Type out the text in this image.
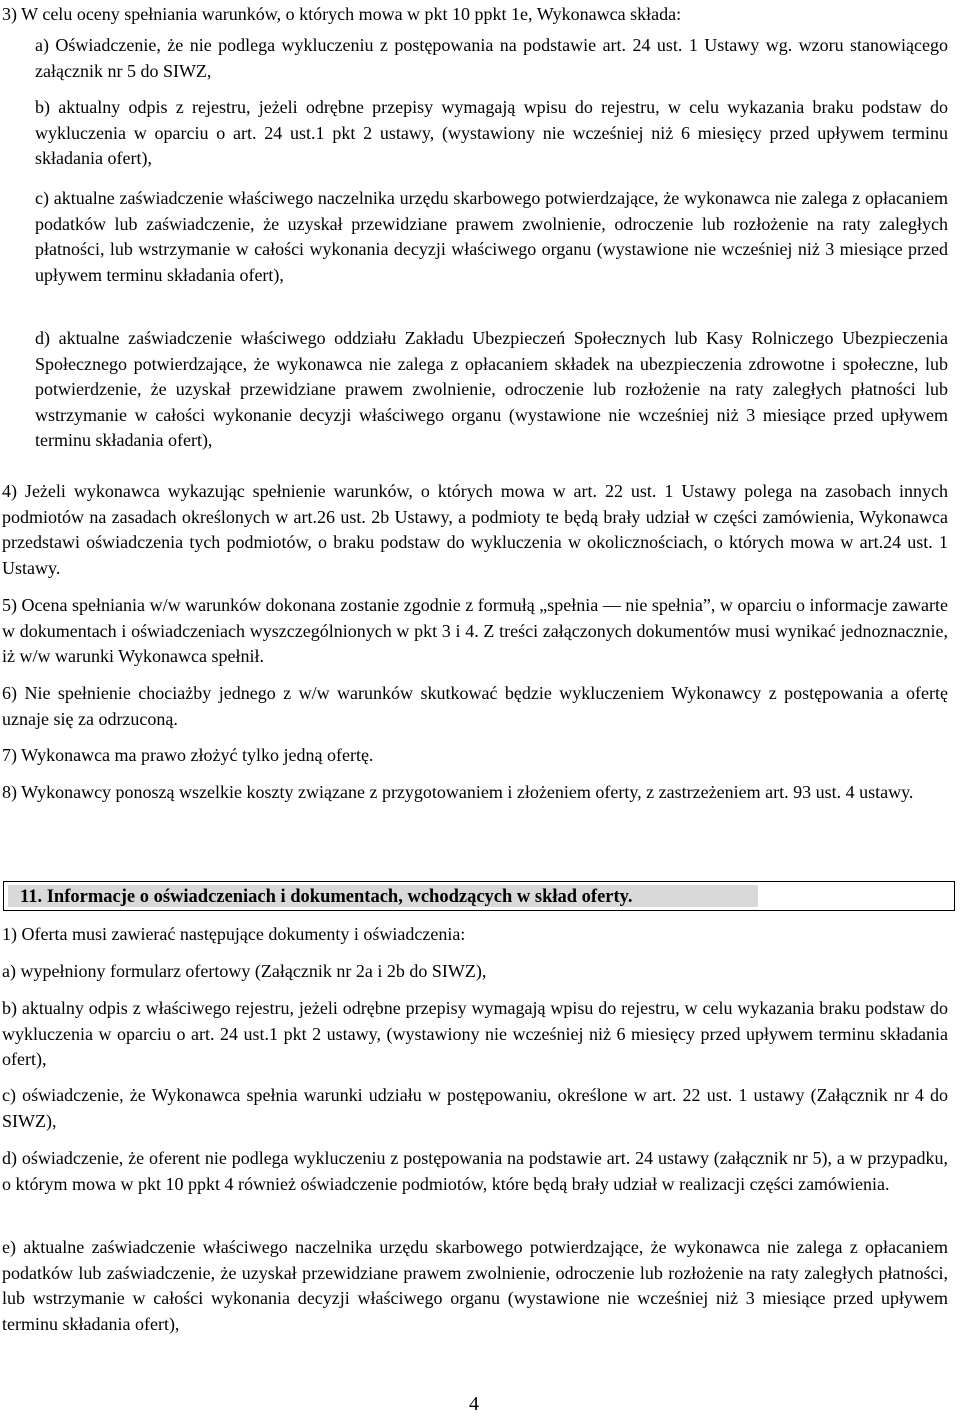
3) W celu oceny spełniania warunków, o których mowa w pkt 10 ppkt 1e, Wykonawca składa:

a) Oświadczenie, że nie podlega wykluczeniu z postępowania na podstawie art. 24 ust. 1 Ustawy wg. wzoru stanowiącego załącznik nr 5 do SIWZ,

b) aktualny odpis z rejestru, jeżeli odrębne przepisy wymagają wpisu do rejestru, w celu wykazania braku podstaw do wykluczenia w oparciu o art. 24 ust.1 pkt 2 ustawy, (wystawiony nie wcześniej niż 6 miesięcy przed upływem terminu składania ofert),

c) aktualne zaświadczenie właściwego naczelnika urzędu skarbowego potwierdzające, że wykonawca nie zalega z opłacaniem podatków lub zaświadczenie, że uzyskał przewidziane prawem zwolnienie, odroczenie lub rozłożenie na raty zaległych płatności, lub wstrzymanie w całości wykonania decyzji właściwego organu (wystawione nie wcześniej niż 3 miesiące przed upływem terminu składania ofert),

d) aktualne zaświadczenie właściwego oddziału Zakładu Ubezpieczeń Społecznych lub Kasy Rolniczego Ubezpieczenia Społecznego potwierdzające, że wykonawca nie zalega z opłacaniem składek na ubezpieczenia zdrowotne i społeczne, lub potwierdzenie, że uzyskał przewidziane prawem zwolnienie, odroczenie lub rozłożenie na raty zaległych płatności lub wstrzymanie w całości wykonanie decyzji właściwego organu (wystawione nie wcześniej niż 3 miesiące przed upływem terminu składania ofert),

4) Jeżeli wykonawca wykazując spełnienie warunków, o których mowa w art. 22 ust. 1 Ustawy polega na zasobach innych podmiotów na zasadach określonych w art.26 ust. 2b Ustawy, a podmioty te będą brały udział w części zamówienia, Wykonawca przedstawi oświadczenia tych podmiotów, o braku podstaw do wykluczenia w okolicznościach, o których mowa w art.24 ust. 1 Ustawy.

5) Ocena spełniania w/w warunków dokonana zostanie zgodnie z formułą „spełnia — nie spełnia”, w oparciu o informacje zawarte w dokumentach i oświadczeniach wyszczególnionych w pkt 3 i 4. Z treści załączonych dokumentów musi wynikać jednoznacznie, iż w/w warunki Wykonawca spełnił.

6) Nie spełnienie chociażby jednego z w/w warunków skutkować będzie wykluczeniem Wykonawcy z postępowania a ofertę uznaje się za odrzuconą.

7) Wykonawca ma prawo złożyć tylko jedną ofertę.

8) Wykonawcy ponoszą wszelkie koszty związane z przygotowaniem i złożeniem oferty, z zastrzeżeniem art. 93 ust. 4 ustawy.

11. Informacje o oświadczeniach i dokumentach, wchodzących w skład oferty.

1) Oferta musi zawierać następujące dokumenty i oświadczenia:

a) wypełniony formularz ofertowy (Załącznik nr 2a i 2b do SIWZ),

b) aktualny odpis z właściwego rejestru, jeżeli odrębne przepisy wymagają wpisu do rejestru, w celu wykazania braku podstaw do wykluczenia w oparciu o art. 24 ust.1 pkt 2 ustawy, (wystawiony nie wcześniej niż 6 miesięcy przed upływem terminu składania ofert),

c) oświadczenie, że Wykonawca spełnia warunki udziału w postępowaniu, określone w art. 22 ust. 1 ustawy (Załącznik nr 4 do SIWZ),

d) oświadczenie, że oferent nie podlega wykluczeniu z postępowania na podstawie art. 24 ustawy (załącznik nr 5), a w przypadku, o którym mowa w pkt 10 ppkt 4 również oświadczenie podmiotów, które będą brały udział w realizacji części zamówienia.

e) aktualne zaświadczenie właściwego naczelnika urzędu skarbowego potwierdzające, że wykonawca nie zalega z opłacaniem podatków lub zaświadczenie, że uzyskał przewidziane prawem zwolnienie, odroczenie lub rozłożenie na raty zaległych płatności, lub wstrzymanie w całości wykonania decyzji właściwego organu (wystawione nie wcześniej niż 3 miesiące przed upływem terminu składania ofert),

4
